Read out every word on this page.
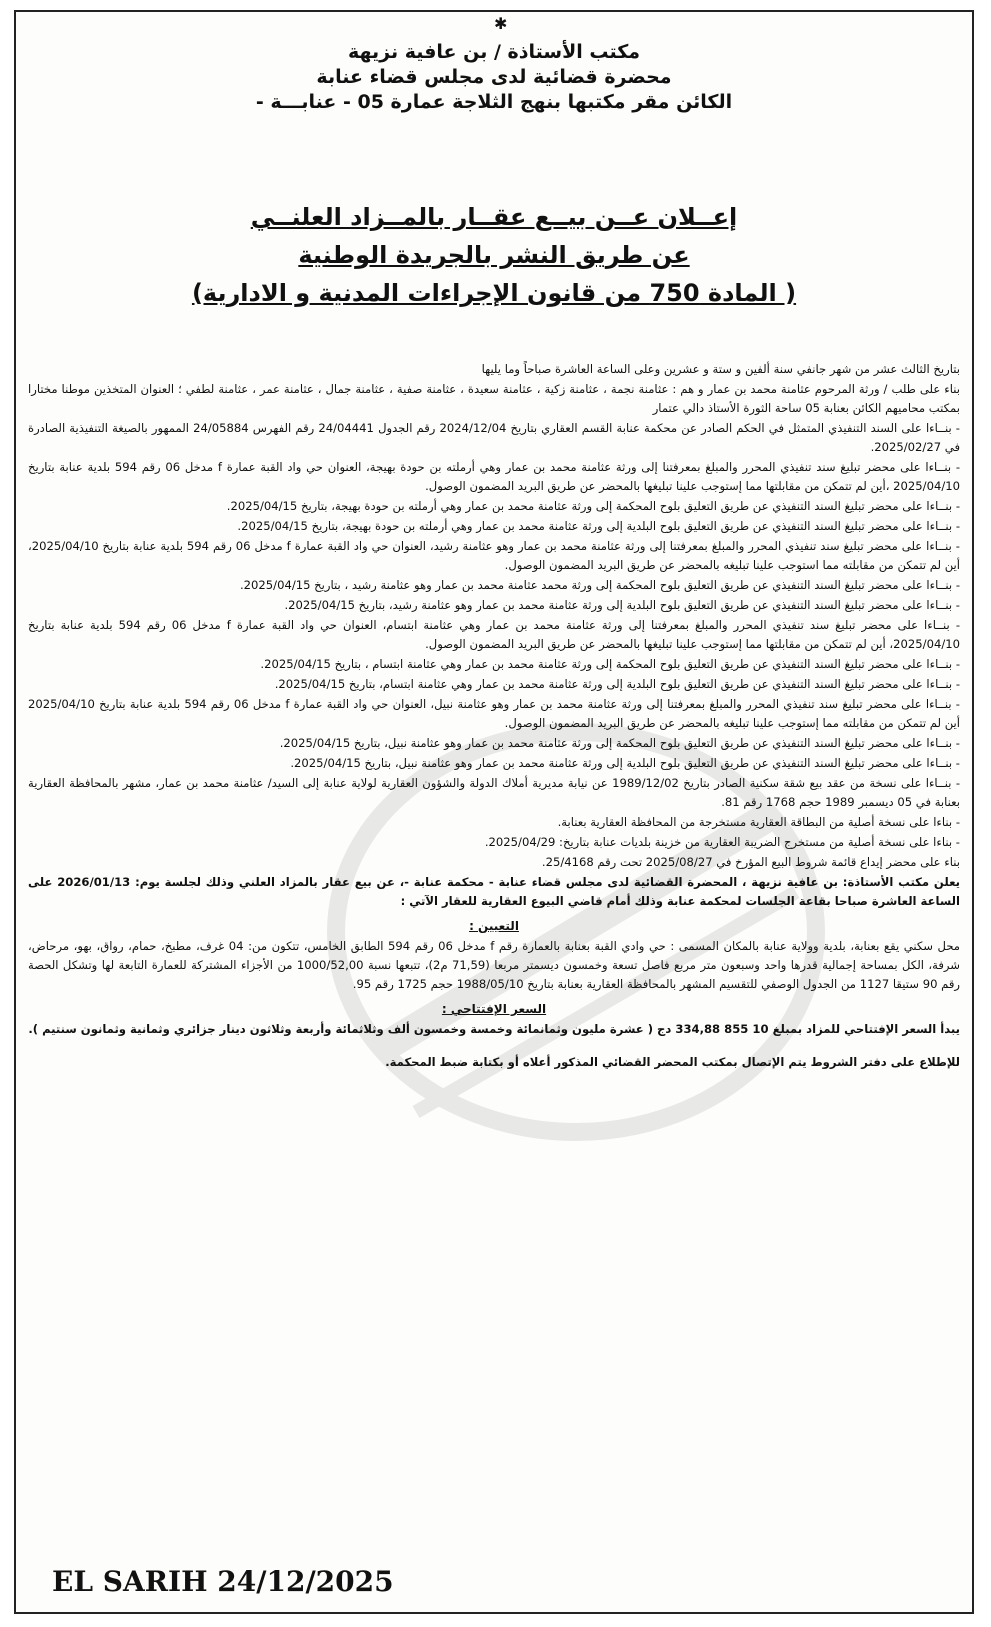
✱
مكتب الأستاذة / بن عافية نزيهة
محضرة قضائية لدى مجلس قضاء عنابة
الكائن مقر مكتبها بنهج الثلاجة عمارة 05 - عنابـــة -
إعــلان عــن بيــع عقــار بالمــزاد العلنــي
عن طريق النشر بالجريدة الوطنية
( المادة 750 من قانون الإجراءات المدنية و الادارية)

بتاريخ الثالث عشر من شهر جانفي سنة ألفين و ستة و عشرين وعلى الساعة العاشرة صباحاً وما يليها

بناء على طلب / ورثة المرحوم عثامنة محمد بن عمار و هم : عثامنة نجمة ، عثامنة زكية ، عثامنة سعيدة ، عثامنة صفية ، عثامنة جمال ، عثامنة عمر ، عثامنة لطفي ؛ العنوان المتخذين موطنا مختارا بمكتب محاميهم الكائن بعنابة 05 ساحة الثورة الأستاذ دالي عتمار

- بنــاءا على السند التنفيذي المتمثل في الحكم الصادر عن محكمة عنابة القسم العقاري بتاريخ 2024/12/04 رقم الجدول 24/04441 رقم الفهرس 24/05884 الممهور بالصيغة التنفيذية الصادرة في 2025/02/27.

- بنــاءا على محضر تبليغ سند تنفيذي المحرر والمبلغ بمعرفتنا إلى ورثة عثامنة محمد بن عمار وهي أرملته بن حودة بهيجة، العنوان حي واد القبة عمارة f مدخل 06 رقم 594 بلدية عنابة بتاريخ 2025/04/10 ،أين لم تتمكن من مقابلتها مما إستوجب علينا تبليغها بالمحضر عن طريق البريد المضمون الوصول.

- بنــاءا على محضر تبليغ السند التنفيذي عن طريق التعليق بلوح المحكمة إلى ورثة عثامنة محمد بن عمار وهي أرملته بن حودة بهيجة، بتاريخ 2025/04/15.

- بنــاءا على محضر تبليغ السند التنفيذي عن طريق التعليق بلوح البلدية إلى ورثة عثامنة محمد بن عمار وهي أرملته بن حودة بهيجة، بتاريخ 2025/04/15.

- بنــاءا على محضر تبليغ سند تنفيذي المحرر والمبلغ بمعرفتنا إلى ورثة عثامنة محمد بن عمار وهو عثامنة رشيد، العنوان حي واد القبة عمارة f مدخل 06 رقم 594 بلدية عنابة بتاريخ 2025/04/10، أين لم تتمكن من مقابلته مما استوجب علينا تبليغه بالمحضر عن طريق البريد المضمون الوصول.

- بنــاءا على محضر تبليغ السند التنفيذي عن طريق التعليق بلوح المحكمة إلى ورثة محمد عثامنة محمد بن عمار وهو عثامنة رشيد ، بتاريخ 2025/04/15.

- بنــاءا على محضر تبليغ السند التنفيذي عن طريق التعليق بلوح البلدية إلى ورثة عثامنة محمد بن عمار وهو عثامنة رشيد، بتاريخ 2025/04/15.

- بنــاءا على محضر تبليغ سند تنفيذي المحرر والمبلغ بمعرفتنا إلى ورثة عثامنة محمد بن عمار وهي عثامنة ابتسام، العنوان حي واد القبة عمارة f مدخل 06 رقم 594 بلدية عنابة بتاريخ 2025/04/10، أين لم تتمكن من مقابلتها مما إستوجب علينا تبليغها بالمحضر عن طريق البريد المضمون الوصول.

- بنــاءا على محضر تبليغ السند التنفيذي عن طريق التعليق بلوح المحكمة إلى ورثة عثامنة محمد بن عمار وهي عثامنة ابتسام ، بتاريخ 2025/04/15.

- بنــاءا على محضر تبليغ السند التنفيذي عن طريق التعليق بلوح البلدية إلى ورثة عثامنة محمد بن عمار وهي عثامنة ابتسام، بتاريخ 2025/04/15.

- بنــاءا على محضر تبليغ سند تنفيذي المحرر والمبلغ بمعرفتنا إلى ورثة عثامنة محمد بن عمار وهو عثامنة نبيل، العنوان حي واد القبة عمارة f مدخل 06 رقم 594 بلدية عنابة بتاريخ 2025/04/10 أين لم تتمكن من مقابلته مما إستوجب علينا تبليغه بالمحضر عن طريق البريد المضمون الوصول.

- بنــاءا على محضر تبليغ السند التنفيذي عن طريق التعليق بلوح المحكمة إلى ورثة عثامنة محمد بن عمار وهو عثامنة نبيل، بتاريخ 2025/04/15.

- بنــاءا على محضر تبليغ السند التنفيذي عن طريق التعليق بلوح البلدية إلى ورثة عثامنة محمد بن عمار وهو عثامنة نبيل، بتاريخ 2025/04/15.

- بنــاءا على نسخة من عقد بيع شقة سكنية الصادر بتاريخ 1989/12/02 عن نيابة مديرية أملاك الدولة والشؤون العقارية لولاية عنابة إلى السيد/ عثامنة محمد بن عمار، مشهر بالمحافظة العقارية بعنابة في 05 ديسمبر 1989 حجم 1768 رقم 81.

- بناءا على نسخة أصلية من البطاقة العقارية مستخرجة من المحافظة العقارية بعنابة.

- بناءا على نسخة أصلية من مستخرج الضريبة العقارية من خزينة بلديات عنابة بتاريخ: 2025/04/29.

بناء على محضر إيداع قائمة شروط البيع المؤرخ في 2025/08/27 تحت رقم 25/4168.

يعلن مكتب الأستاذة: بن عافية نزيهة ، المحضرة القضائية لدى مجلس قضاء عنابة - محكمة عنابة -، عن بيع عقار بالمزاد العلني وذلك لجلسة يوم: 2026/01/13 على الساعة العاشرة صباحا بقاعة الجلسات لمحكمة عنابة وذلك أمام قاضي البيوع العقارية للعقار الآتي :

التعيين :

محل سكني يقع بعنابة، بلدية وولاية عنابة بالمكان المسمى : حي وادي القبة بعنابة بالعمارة رقم f مدخل 06 رقم 594 الطابق الخامس، تتكون من: 04 غرف، مطبخ، حمام، رواق، بهو، مرحاض، شرفة، الكل بمساحة إجمالية قدرها واحد وسبعون متر مربع فاصل تسعة وخمسون ديسمتر مربعا (71,59 م2)، تتبعها نسبة 1000/52,00 من الأجزاء المشتركة للعمارة التابعة لها وتشكل الحصة رقم 90 ستيقا 1127 من الجدول الوصفي للتقسيم المشهر بالمحافظة العقارية بعنابة بتاريخ 1988/05/10 حجم 1725 رقم 95.

السعر الإفتتاحي :

يبدأ السعر الإفتتاحي للمزاد بمبلغ 10 855 334,88 دج ( عشرة مليون وثمانمائة وخمسة وخمسون ألف وثلاثمائة وأربعة وثلاثون دينار جزائري وثمانية وثمانون سنتيم ).

للإطلاع على دفتر الشروط يتم الإتصال بمكتب المحضر القضائي المذكور أعلاه أو بكتابة ضبط المحكمة.

EL SARIH 24/12/2025
